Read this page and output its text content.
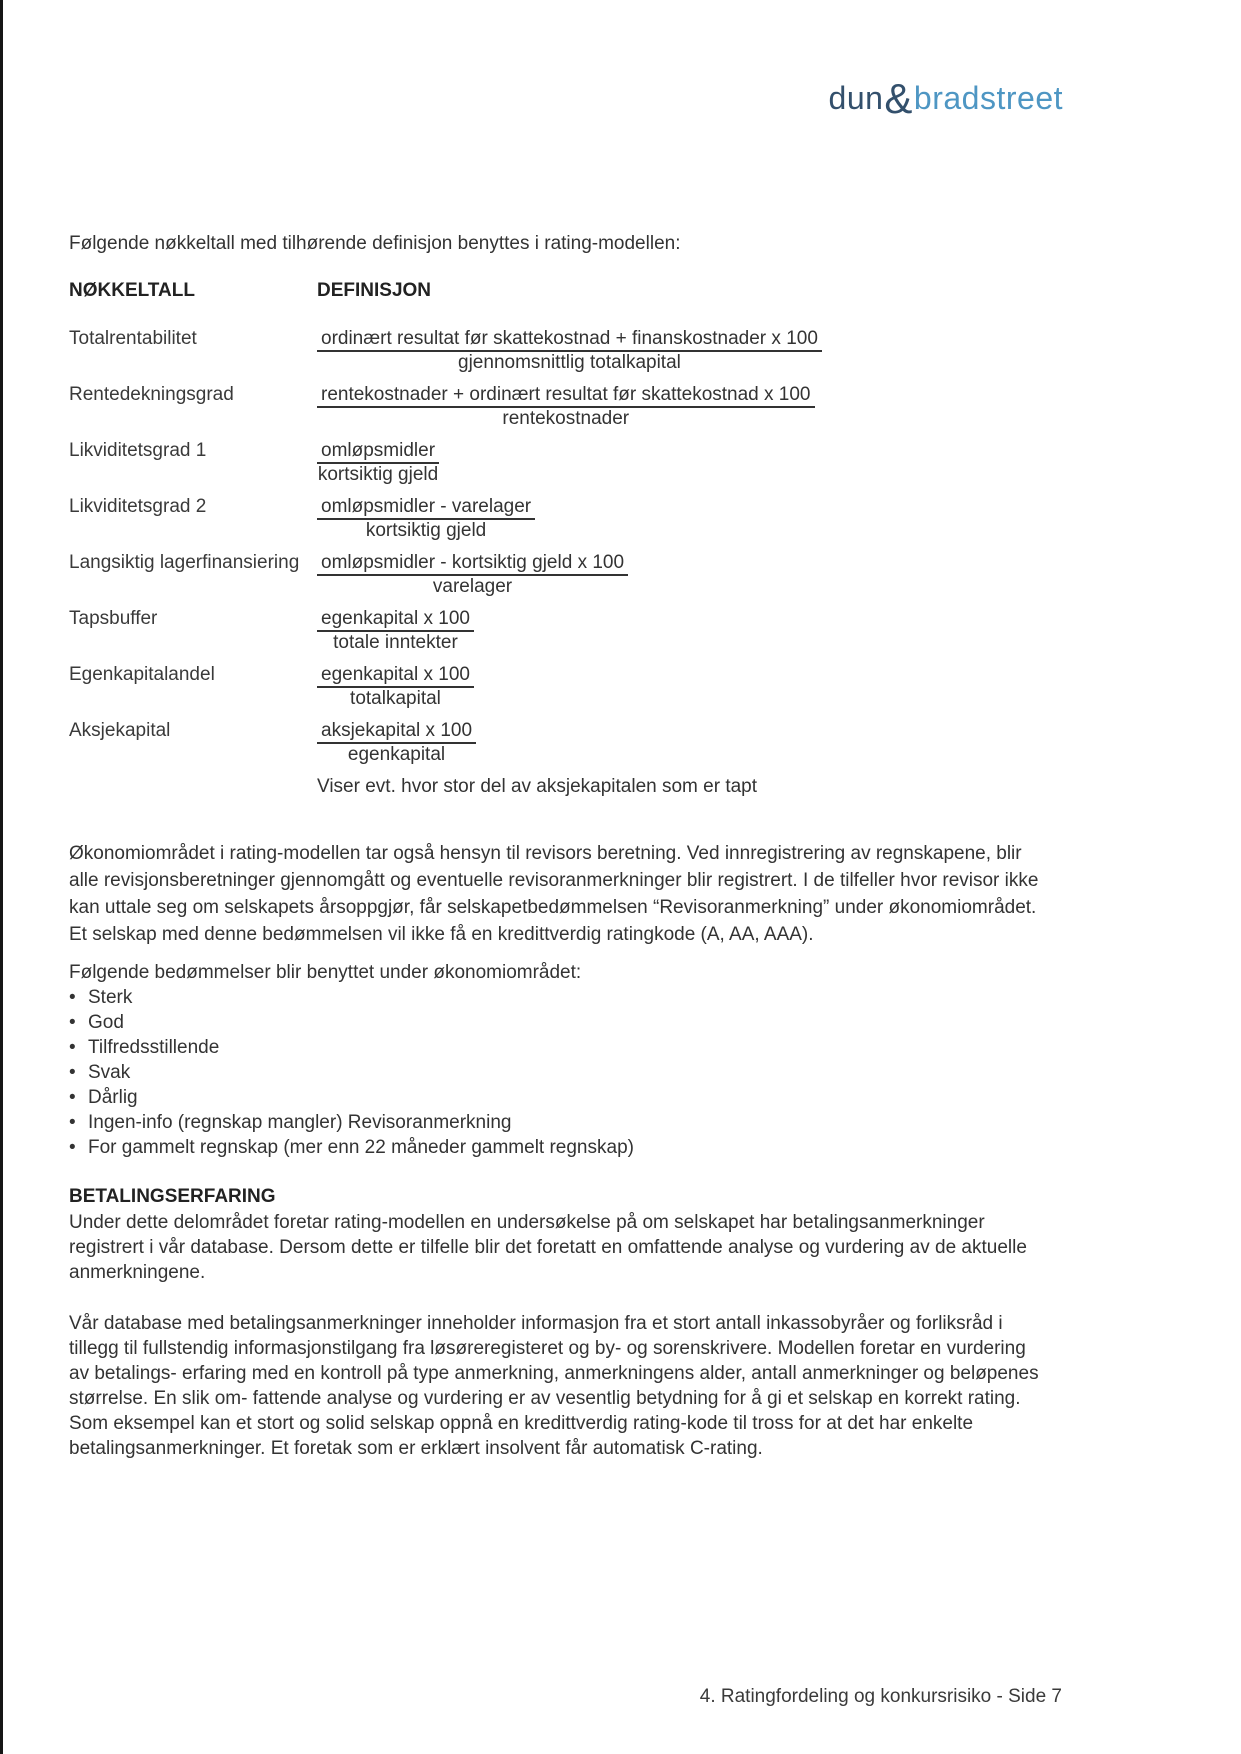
dun & bradstreet

Følgende nøkkeltall med tilhørende definisjon benyttes i rating-modellen:

NØKKELTALL	DEFINISJON
Totalrentabilitet	ordinært resultat før skattekostnad + finanskostnader x 100
gjennomsnittlig totalkapital
Rentedekningsgrad	rentekostnader + ordinært resultat før skattekostnad x 100
rentekostnader
Likviditetsgrad 1	omløpsmidler
kortsiktig gjeld
Likviditetsgrad 2	omløpsmidler - varelager
kortsiktig gjeld
Langsiktig lagerfinansiering	omløpsmidler - kortsiktig gjeld x 100
varelager
Tapsbuffer	egenkapital x 100
totale inntekter
Egenkapitalandel	egenkapital x 100
totalkapital
Aksjekapital	aksjekapital x 100
egenkapital
Viser evt. hvor stor del av aksjekapitalen som er tapt

Økonomiområdet i rating-modellen tar også hensyn til revisors beretning. Ved innregistrering av regnskapene, blir alle revisjonsberetninger gjennomgått og eventuelle revisoranmerkninger blir registrert. I de tilfeller hvor revisor ikke kan uttale seg om selskapets årsoppgjør, får selskapetbedømmelsen “Revisoranmerkning” under økonomiområdet. Et selskap med denne bedømmelsen vil ikke få en kredittverdig ratingkode (A, AA, AAA).

Følgende bedømmelser blir benyttet under økonomiområdet:
• Sterk
• God
• Tilfredsstillende
• Svak
• Dårlig
• Ingen-info (regnskap mangler) Revisoranmerkning
• For gammelt regnskap (mer enn 22 måneder gammelt regnskap)
BETALINGSERFARING

Under dette delområdet foretar rating-modellen en undersøkelse på om selskapet har betalingsanmerkninger registrert i vår database. Dersom dette er tilfelle blir det foretatt en omfattende analyse og vurdering av de aktuelle anmerkningene.

Vår database med betalingsanmerkninger inneholder informasjon fra et stort antall inkassobyråer og forliksråd i tillegg til fullstendig informasjonstilgang fra løsøreregisteret og by- og sorenskrivere. Modellen foretar en vurdering av betalings- erfaring med en kontroll på type anmerkning, anmerkningens alder, antall anmerkninger og beløpenes størrelse. En slik om- fattende analyse og vurdering er av vesentlig betydning for å gi et selskap en korrekt rating. Som eksempel kan et stort og solid selskap oppnå en kredittverdig rating-kode til tross for at det har enkelte betalingsanmerkninger. Et foretak som er erklært insolvent får automatisk C-rating.

4. Ratingfordeling og konkursrisiko - Side 7
